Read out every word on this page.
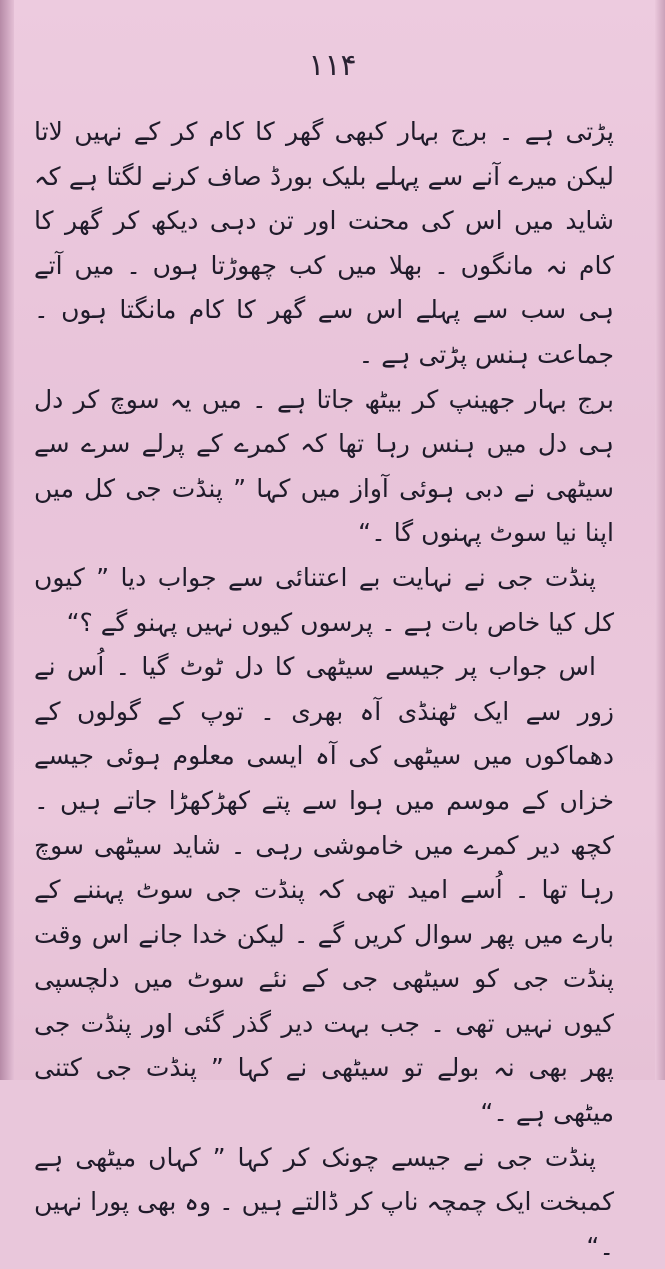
۱۱۴

پڑتی ہے ۔ برج بہار کبھی گھر کا کام کر کے نہیں لاتا لیکن میرے آنے سے پہلے بلیک بورڈ صاف کرنے لگتا ہے کہ شاید میں اس کی محنت اور تن دہی دیکھ کر گھر کا کام نہ مانگوں ۔ بھلا میں کب چھوڑتا ہوں ۔ میں آتے ہی سب سے پہلے اس سے گھر کا کام مانگتا ہوں ۔ جماعت ہنس پڑتی ہے ۔

برج بہار جھینپ کر بیٹھ جاتا ہے ۔ میں یہ سوچ کر دل ہی دل میں ہنس رہا تھا کہ کمرے کے پرلے سرے سے سیٹھی نے دبی ہوئی آواز میں کہا ” پنڈت جی کل میں اپنا نیا سوٹ پہنوں گا ۔“

پنڈت جی نے نہایت بے اعتنائی سے جواب دیا ” کیوں کل کیا خاص بات ہے ۔ پرسوں کیوں نہیں پہنو گے ؟“

اس جواب پر جیسے سیٹھی کا دل ٹوٹ گیا ۔ اُس نے زور سے ایک ٹھنڈی آہ بھری ۔ توپ کے گولوں کے دھماکوں میں سیٹھی کی آہ ایسی معلوم ہوئی جیسے خزاں کے موسم میں ہوا سے پتے کھڑکھڑا جاتے ہیں ۔ کچھ دیر کمرے میں خاموشی رہی ۔ شاید سیٹھی سوچ رہا تھا ۔ اُسے امید تھی کہ پنڈت جی سوٹ پہننے کے بارے میں پھر سوال کریں گے ۔ لیکن خدا جانے اس وقت پنڈت جی کو سیٹھی جی کے نئے سوٹ میں دلچسپی کیوں نہیں تھی ۔ جب بہت دیر گذر گئی اور پنڈت جی پھر بھی نہ بولے تو سیٹھی نے کہا ” پنڈت جی کتنی میٹھی ہے ۔“

پنڈت جی نے جیسے چونک کر کہا ” کہاں میٹھی ہے کمبخت ایک چمچہ ناپ کر ڈالتے ہیں ۔ وہ بھی پورا نہیں ۔“
